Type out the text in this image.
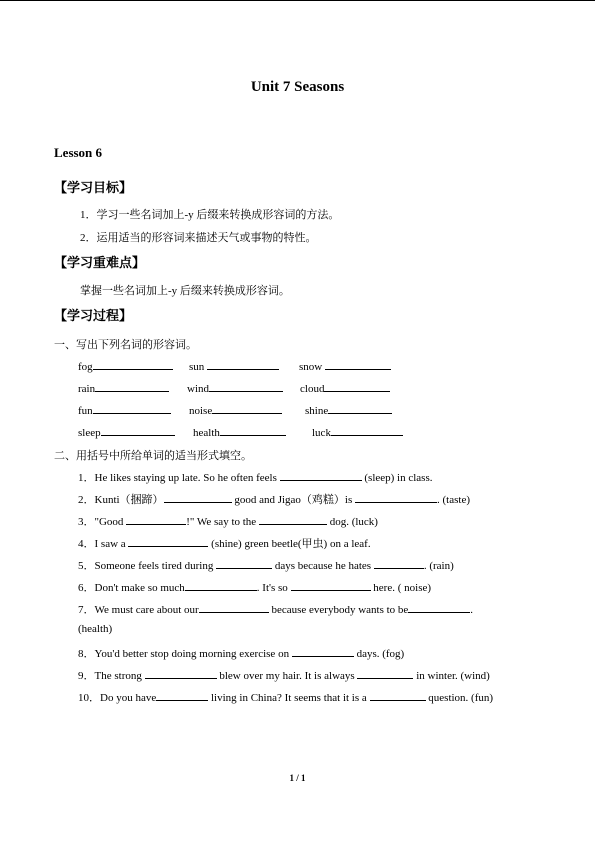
Unit 7 Seasons
Lesson 6
【学习目标】
1．学习一些名词加上-y 后缀来转换成形容词的方法。
2．运用适当的形容词来描述天气或事物的特性。
【学习重难点】
掌握一些名词加上-y 后缀来转换成形容词。
【学习过程】
一、写出下列名词的形容词。
fog	sun	snow
rain	wind	cloud
fun	noise	shine
sleep	health	luck
二、用括号中所给单词的适当形式填空。
1．He likes staying up late. So he often feels	(sleep) in class.
2．Kunti（捆蹄）	good and Jigao（鸡糕）is	. (taste)
3．"Good	!" We say to the	dog. (luck)
4．I saw a	(shine) green beetle(甲虫) on a leaf.
5．Someone feels tired during	days because he hates	. (rain)
6．Don't make so much	. It's so	here. ( noise)
7．We must care about our	because everybody wants to be	.
(health)
8．You'd better stop doing morning exercise on	days. (fog)
9．The strong	blew over my hair. It is always	in winter. (wind)
10．Do you have	living in China? It seems that it is a	question. (fun)
1 / 1
